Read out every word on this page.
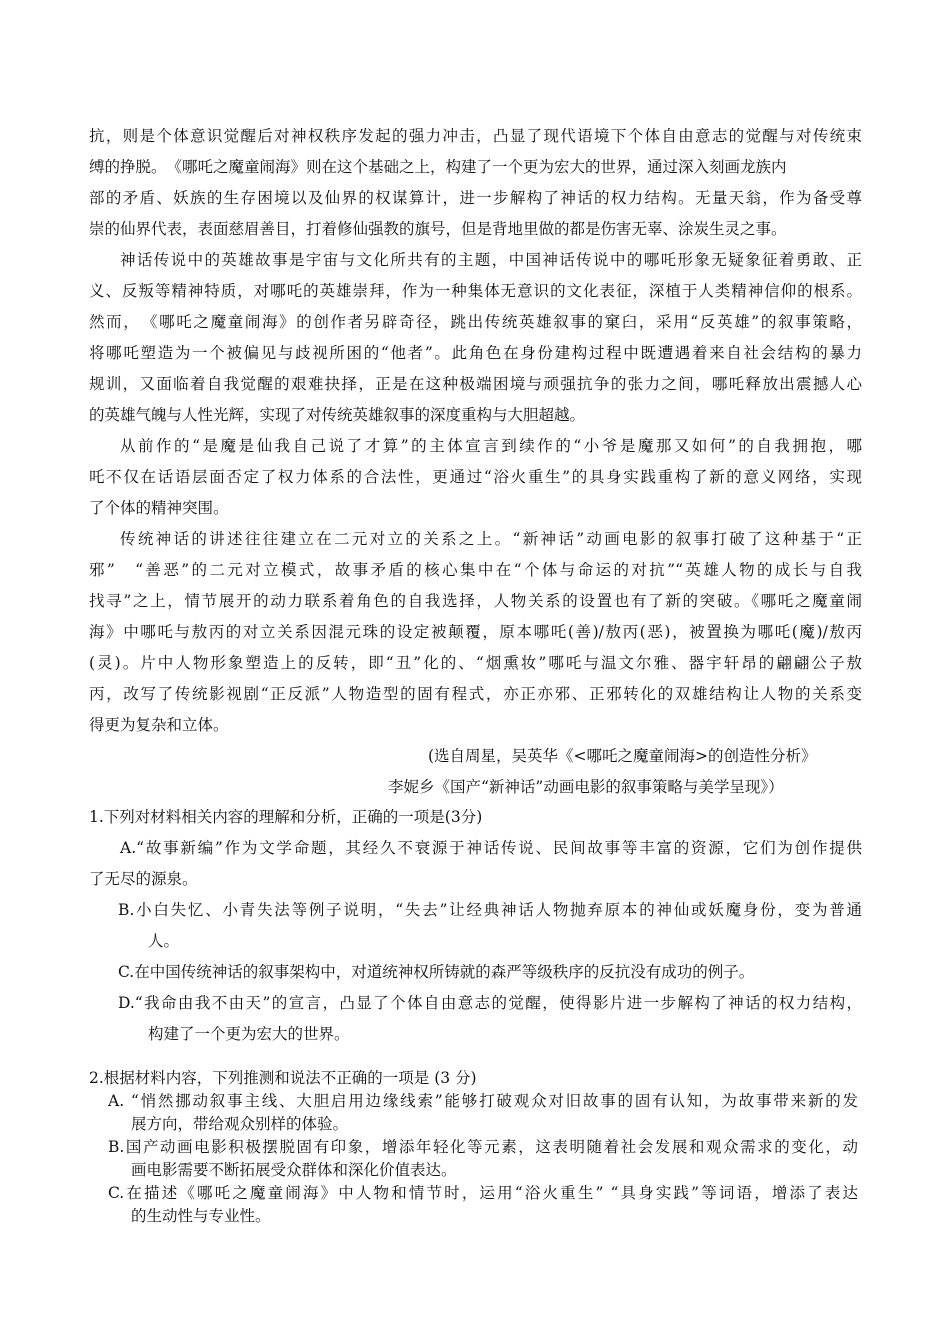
抗，则是个体意识觉醒后对神权秩序发起的强力冲击，凸显了现代语境下个体自由意志的觉醒与对传统束
缚的挣脱。　《哪吒之魔童闹海》则在这个基础之上，构建了一个更为宏大的世界，通过深入刻画龙族内
部的矛盾、妖族的生存困境以及仙界的权谋算计，进一步解构了神话的权力结构。无量天翁，作为备受尊
崇的仙界代表，表面慈眉善目，打着修仙强教的旗号，但是背地里做的都是伤害无辜、涂炭生灵之事。
神话传说中的英雄故事是宇宙与文化所共有的主题，中国神话传说中的哪吒形象无疑象征着勇敢、正
义、反叛等精神特质，对哪吒的英雄崇拜，作为一种集体无意识的文化表征，深植于人类精神信仰的根系。
然而，　《哪吒之魔童闹海》的创作者另辟奇径，跳出传统英雄叙事的窠臼，采用“反英雄”的叙事策略，
将哪吒塑造为一个被偏见与歧视所困的“他者”。此角色在身份建构过程中既遭遇着来自社会结构的暴力
规训，又面临着自我觉醒的艰难抉择，正是在这种极端困境与顽强抗争的张力之间，哪吒释放出震撼人心
的英雄气魄与人性光辉，实现了对传统英雄叙事的深度重构与大胆超越。
从前作的“是魔是仙我自己说了才算”的主体宣言到续作的“小爷是魔那又如何”的自我拥抱，哪
吒不仅在话语层面否定了权力体系的合法性，更通过“浴火重生”的具身实践重构了新的意义网络，实现
了个体的精神突围。
传统神话的讲述往往建立在二元对立的关系之上。“新神话”动画电影的叙事打破了这种基于“正
邪”　“善恶”的二元对立模式，故事矛盾的核心集中在“个体与命运的对抗”“英雄人物的成长与自我
找寻”之上，情节展开的动力联系着角色的自我选择，人物关系的设置也有了新的突破。《哪吒之魔童闹
海》中哪吒与敖丙的对立关系因混元珠的设定被颠覆，原本哪吒(善)/敖丙(恶)，被置换为哪吒(魔)/敖丙
(灵)。片中人物形象塑造上的反转，即“丑”化的、“烟熏妆”哪吒与温文尔雅、器宇轩昂的翩翩公子敖
丙，改写了传统影视剧“正反派”人物造型的固有程式，亦正亦邪、正邪转化的双雄结构让人物的关系变
得更为复杂和立体。
(选自周星，吴英华《<哪吒之魔童闹海>的创造性分析》
李妮乡《国产“新神话”动画电影的叙事策略与美学呈现》）
1.下列对材料相关内容的理解和分析，正确的一项是(3分)
A.“故事新编”作为文学命题，其经久不衰源于神话传说、民间故事等丰富的资源，它们为创作提供
了无尽的源泉。
B.小白失忆、小青失法等例子说明，“失去”让经典神话人物抛弃原本的神仙或妖魔身份，变为普通
人。
C.在中国传统神话的叙事架构中，对道统神权所铸就的森严等级秩序的反抗没有成功的例子。
D.“我命由我不由天”的宣言，凸显了个体自由意志的觉醒，使得影片进一步解构了神话的权力结构，
构建了一个更为宏大的世界。
2.根据材料内容，下列推测和说法不正确的一项是 (3 分)
A. “悄然挪动叙事主线、大胆启用边缘线索”能够打破观众对旧故事的固有认知，为故事带来新的发
展方向，带给观众别样的体验。
B.国产动画电影积极摆脱固有印象，增添年轻化等元素，这表明随着社会发展和观众需求的变化，动
画电影需要不断拓展受众群体和深化价值表达。
C.在描述《哪吒之魔童闹海》中人物和情节时，运用“浴火重生” “具身实践”等词语，增添了表达
的生动性与专业性。
